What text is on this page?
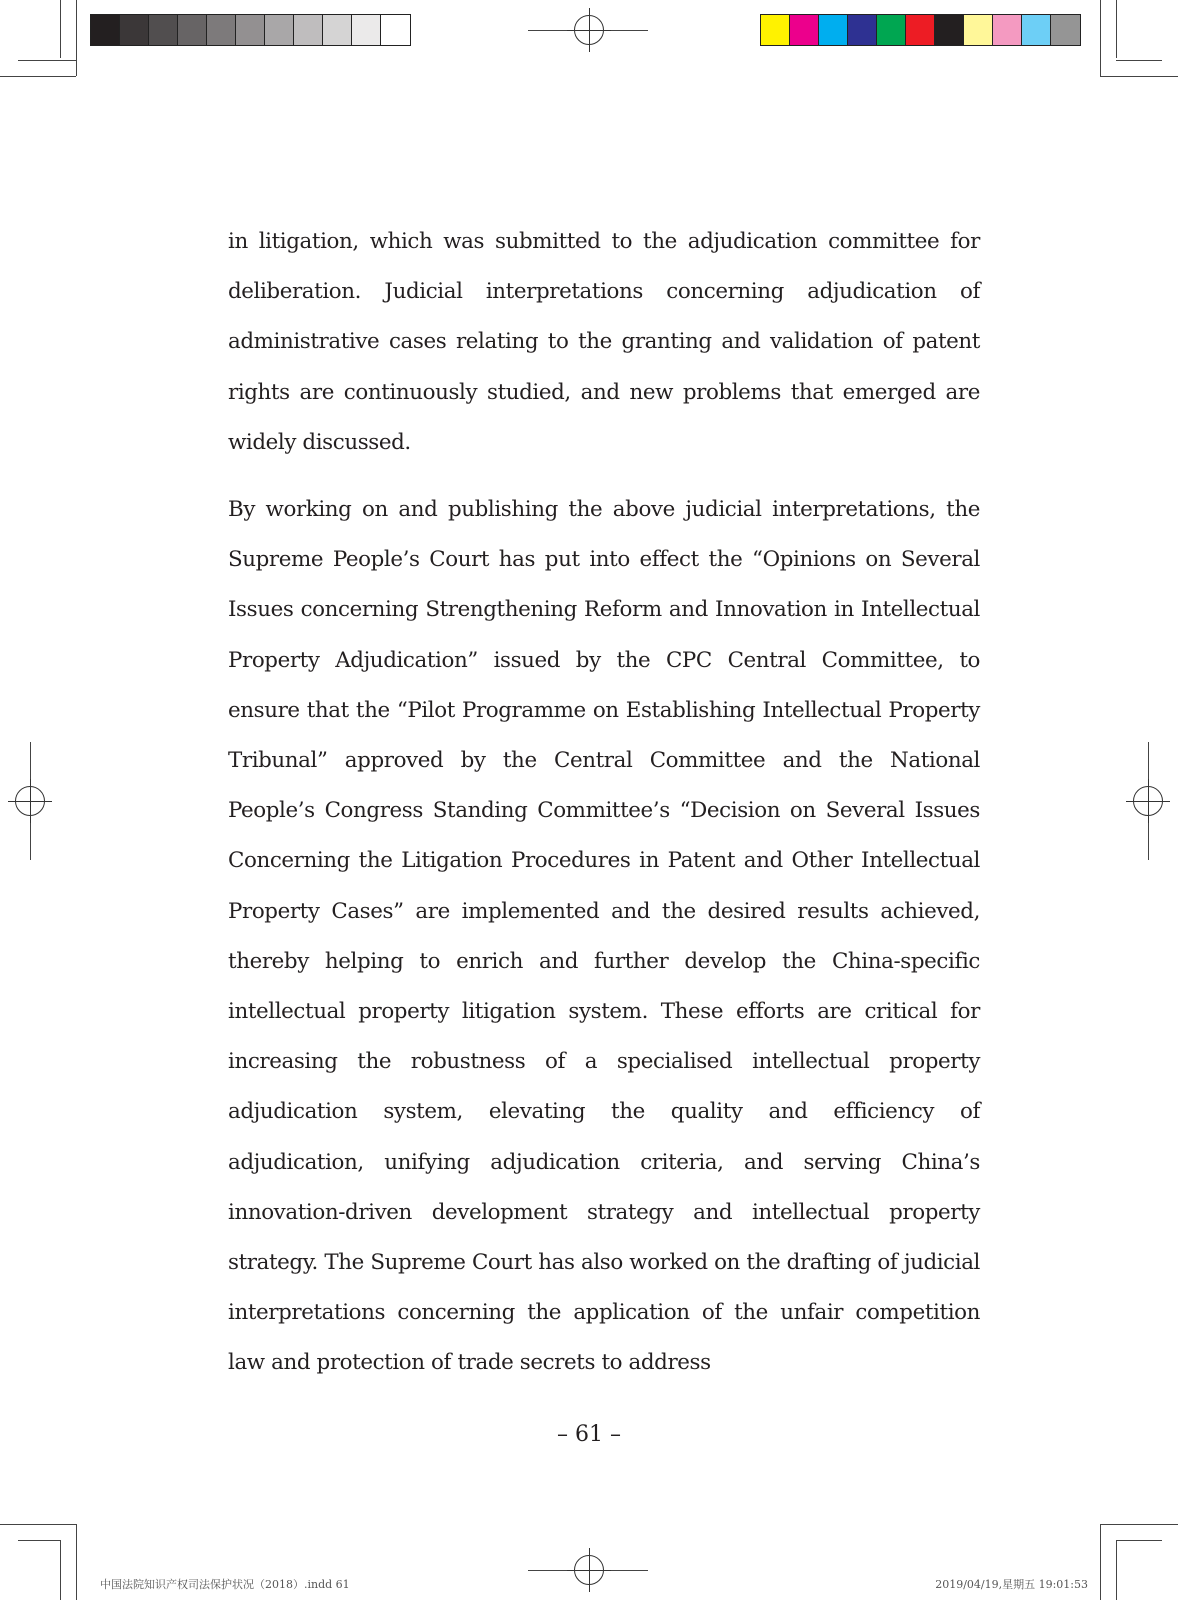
in litigation, which was submitted to the adjudication committee for deliberation. Judicial interpretations concerning adjudication of administrative cases relating to the granting and validation of patent rights are continuously studied, and new problems that emerged are widely discussed.

By working on and publishing the above judicial interpretations, the Supreme People’s Court has put into effect the “Opinions on Several Issues concerning Strengthening Reform and Innovation in Intellectual Property Adjudication” issued by the CPC Central Committee, to ensure that the “Pilot Programme on Establishing Intellectual Property Tribunal” approved by the Central Committee and the National People’s Congress Standing Committee’s “Decision on Several Issues Concerning the Litigation Procedures in Patent and Other Intellectual Property Cases” are implemented and the desired results achieved, thereby helping to enrich and further develop the China-specific intellectual property litigation system. These efforts are critical for increasing the robustness of a specialised intellectual property adjudication system, elevating the quality and efficiency of adjudication, unifying adjudication criteria, and serving China’s innovation-driven development strategy and intellectual property strategy. The Supreme Court has also worked on the drafting of judicial interpretations concerning the application of the unfair competition law and protection of trade secrets to address

– 61 –
中国法院知识产权司法保护状况（2018）.indd 61	2019/04/19,星期五 19:01:53
